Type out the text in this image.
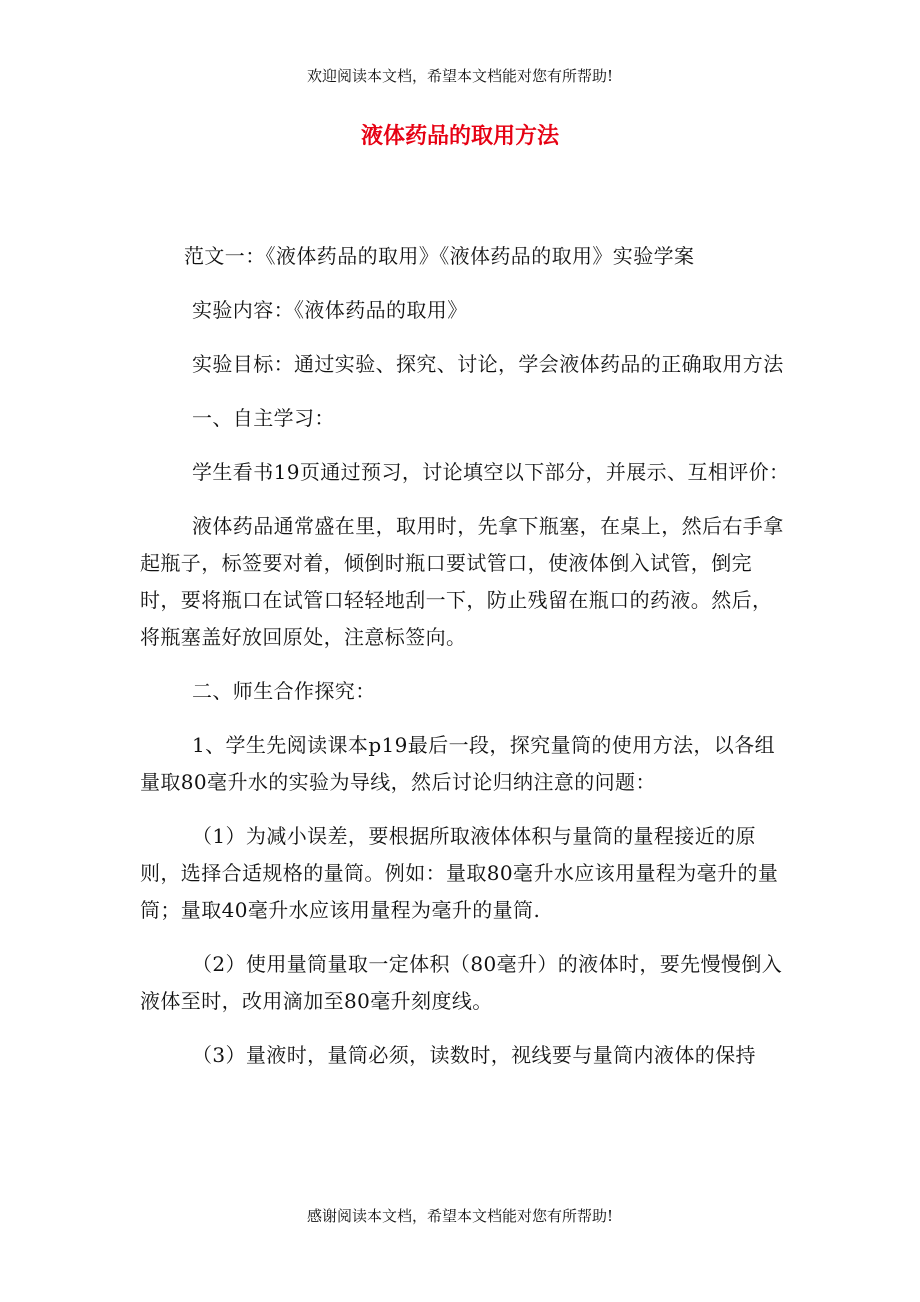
欢迎阅读本文档，希望本文档能对您有所帮助!
液体药品的取用方法

范文一：《液体药品的取用》《液体药品的取用》实验学案

实验内容：《液体药品的取用》

实验目标：通过实验、探究、讨论，学会液体药品的正确取用方法

一、自主学习：

学生看书19页通过预习，讨论填空以下部分，并展示、互相评价：

液体药品通常盛在里，取用时，先拿下瓶塞，在桌上，然后右手拿起瓶子，标签要对着，倾倒时瓶口要试管口，使液体倒入试管，倒完时，要将瓶口在试管口轻轻地刮一下，防止残留在瓶口的药液。然后，将瓶塞盖好放回原处，注意标签向。

二、师生合作探究：

1、学生先阅读课本p19最后一段，探究量筒的使用方法，以各组量取80毫升水的实验为导线，然后讨论归纳注意的问题：

（1）为减小误差，要根据所取液体体积与量筒的量程接近的原则，选择合适规格的量筒。例如：量取80毫升水应该用量程为毫升的量筒；量取40毫升水应该用量程为毫升的量筒.

（2）使用量筒量取一定体积（80毫升）的液体时，要先慢慢倒入液体至时，改用滴加至80毫升刻度线。

（3）量液时，量筒必须，读数时，视线要与量筒内液体的保持

感谢阅读本文档，希望本文档能对您有所帮助!
